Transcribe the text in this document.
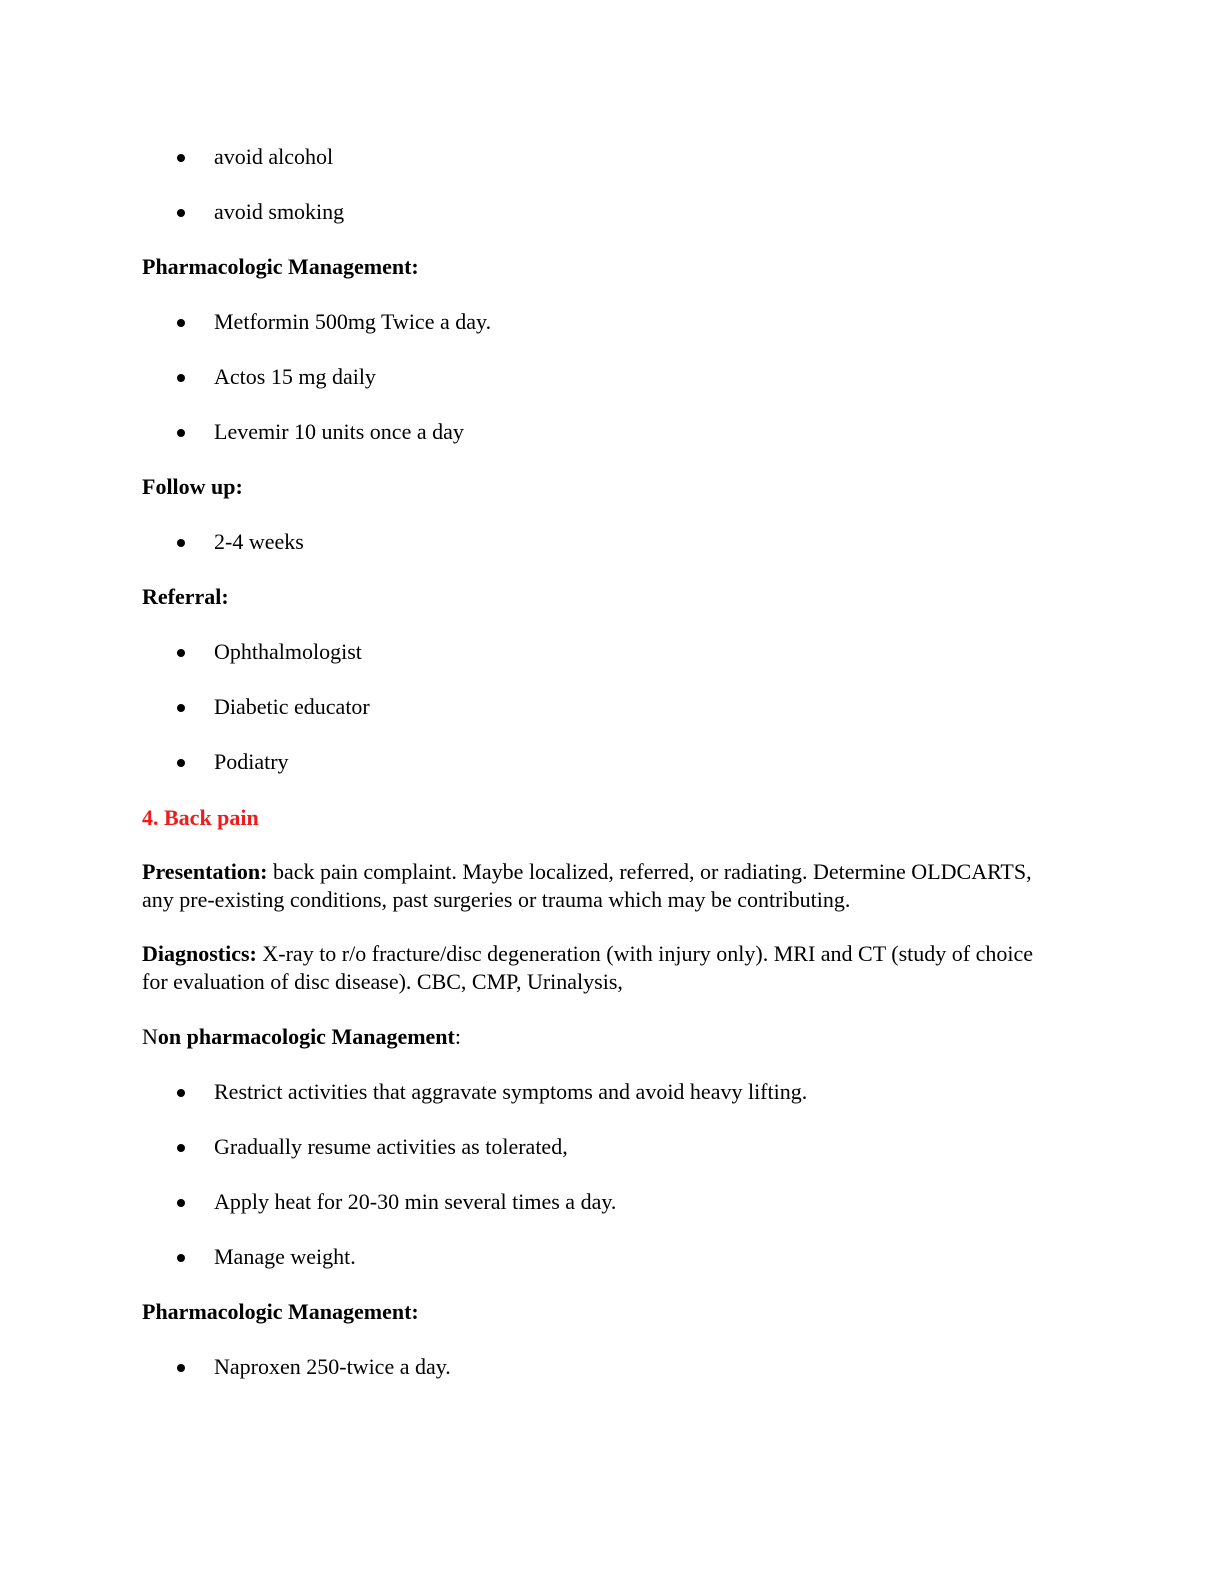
avoid alcohol
avoid smoking
Pharmacologic Management:
Metformin 500mg Twice a day.
Actos 15 mg daily
Levemir 10 units once a day
Follow up:
2-4 weeks
Referral:
Ophthalmologist
Diabetic educator
Podiatry
4. Back pain
Presentation: back pain complaint. Maybe localized, referred, or radiating. Determine OLDCARTS, any pre-existing conditions, past surgeries or trauma which may be contributing.
Diagnostics: X-ray to r/o fracture/disc degeneration (with injury only). MRI and CT (study of choice for evaluation of disc disease). CBC, CMP, Urinalysis,
Non pharmacologic Management:
Restrict activities that aggravate symptoms and avoid heavy lifting.
Gradually resume activities as tolerated,
Apply heat for 20-30 min several times a day.
Manage weight.
Pharmacologic Management:
Naproxen 250-twice a day.
